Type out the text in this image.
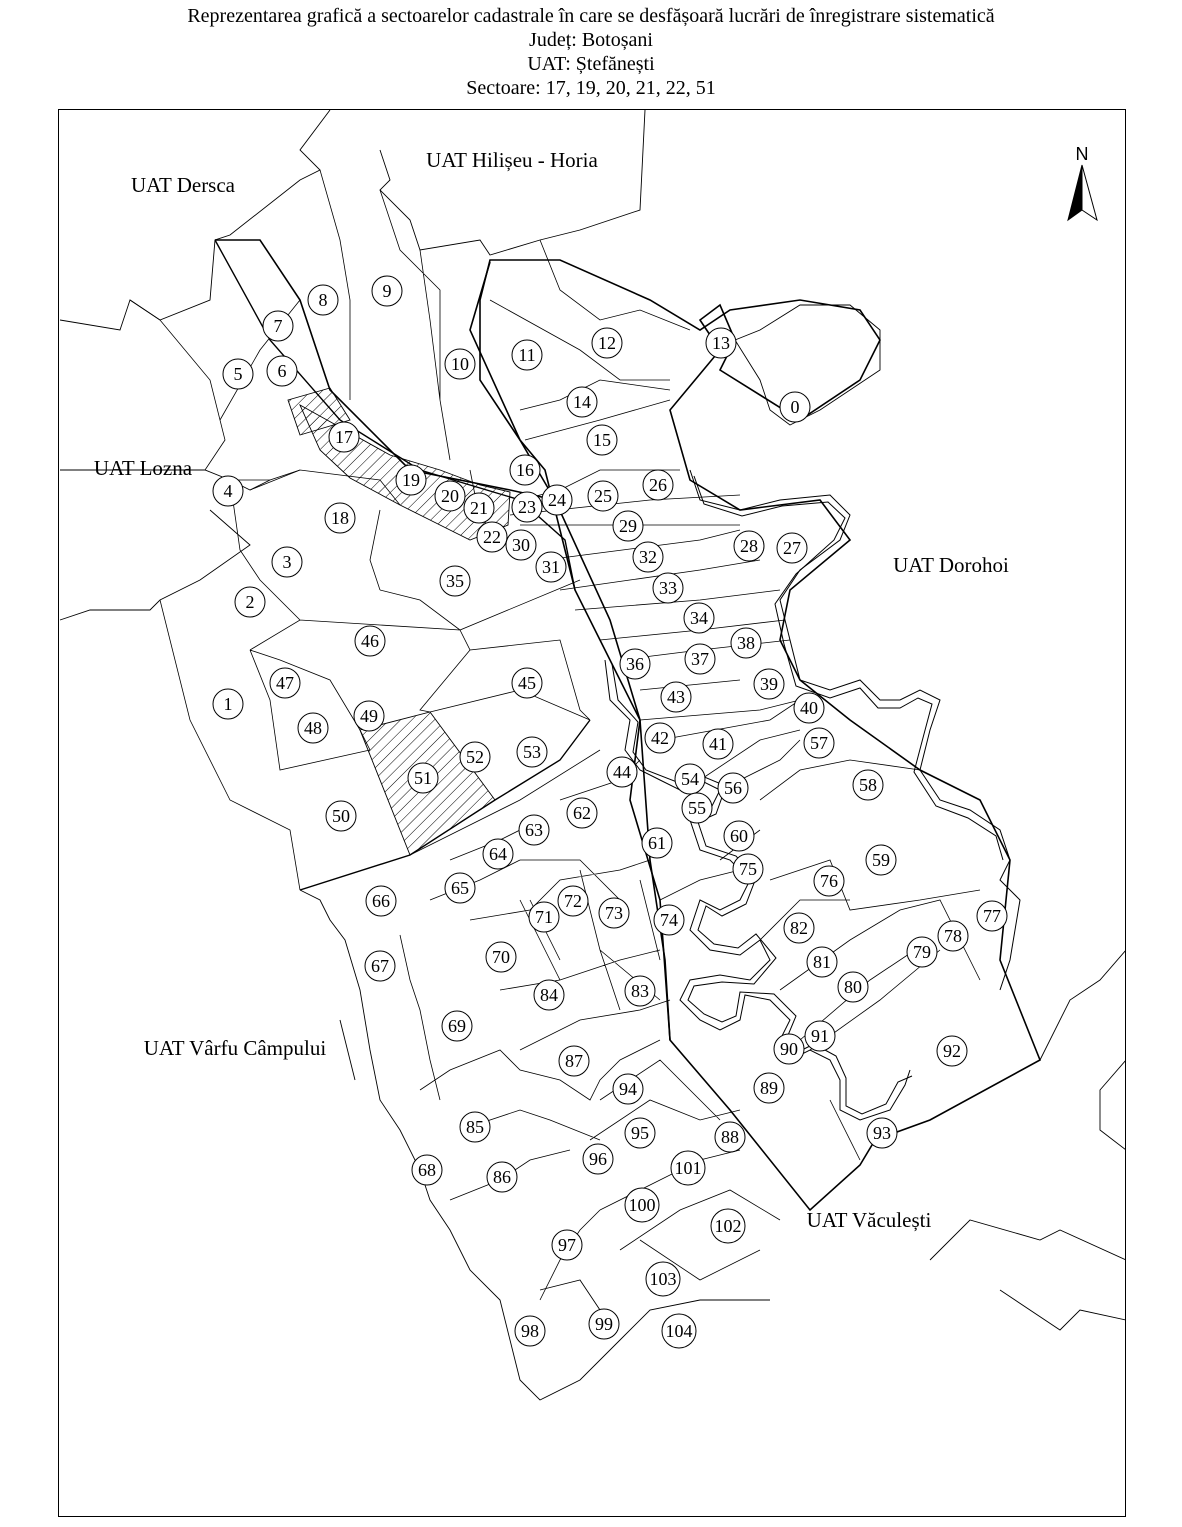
Reprezentarea grafică a sectoarelor cadastrale în care se desfășoară lucrări de înregistrare sistematică
Județ: Botoșani
UAT: Ștefănești
Sectoare: 17, 19, 20, 21, 22, 51
N
UAT Hilișeu - Horia
UAT Dersca
UAT Lozna
UAT Dorohoi
UAT Vârfu Câmpului
UAT Văculești
0
1
2
3
4
5 6
7
8	9
10	11
12	13
14
15
16
17
18
19
20
21
22
23 24 25
26
27
28
29
30
31	32
33
34
35
36	37
38
39
40
41
42
43
44
45
46
47
48
49
50
51
52 53
54
55
56
57
58
59
60
61
62
63
64
65
66
67
68
69
70
71
72
73 74
75
76
77
78
79
80
81
82
83
84
85
86
87
88
89
90
91
92
93
94
95
96
97
98	99
100
101
102
103
104
